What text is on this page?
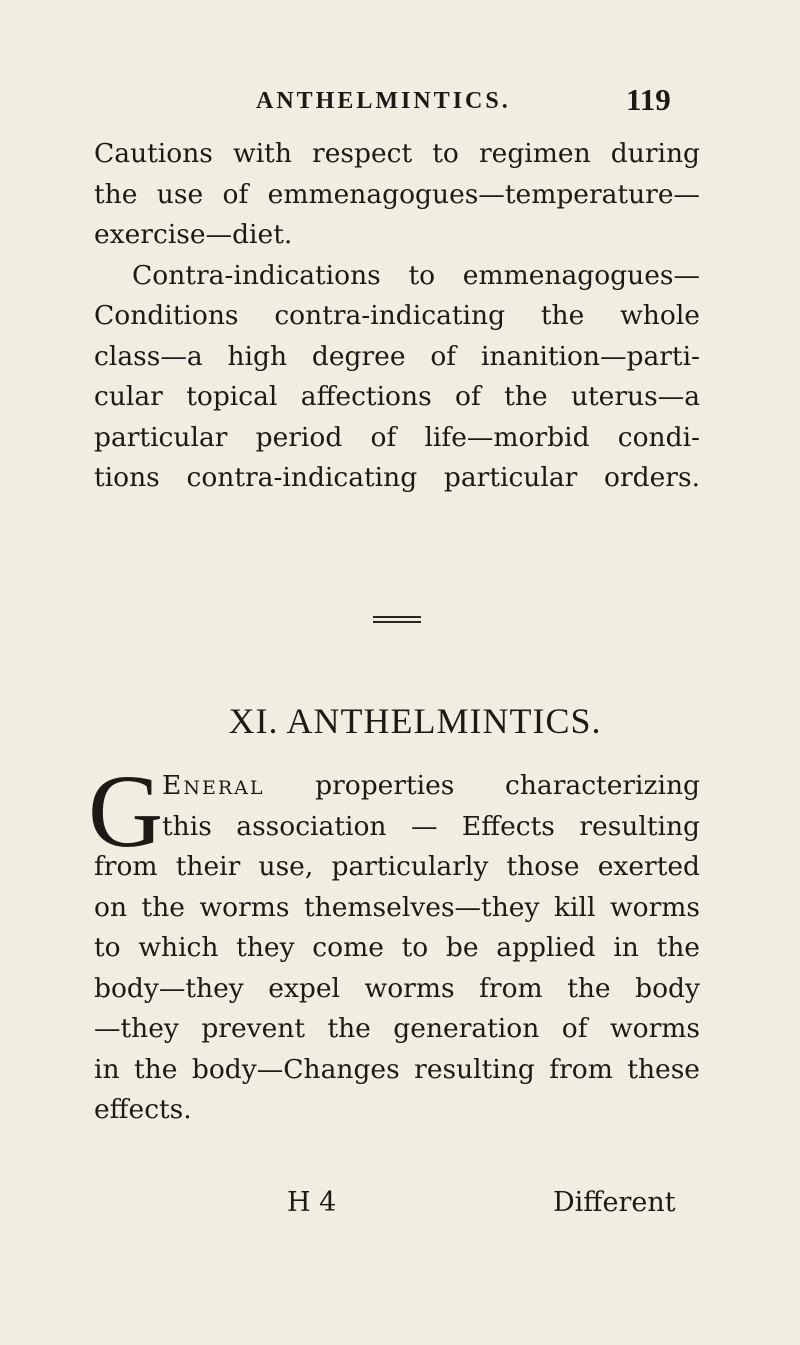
ANTHELMINTICS.	119
Cautions with respect to regimen during
the use of emmenagogues—temperature—
exercise—diet.
Contra-indications to emmenagogues—
Conditions contra-indicating the whole
class—a high degree of inanition—parti-
cular topical affections of the uterus—a
particular period of life—morbid condi-
tions contra-indicating particular orders.
XI. ANTHELMINTICS.
G
Eneral properties characterizing
this association — Effects resulting
from their use, particularly those exerted
on the worms themselves—they kill worms
to which they come to be applied in the
body—they expel worms from the body
—they prevent the generation of worms
in the body—Changes resulting from these
effects.
H 4	Different
